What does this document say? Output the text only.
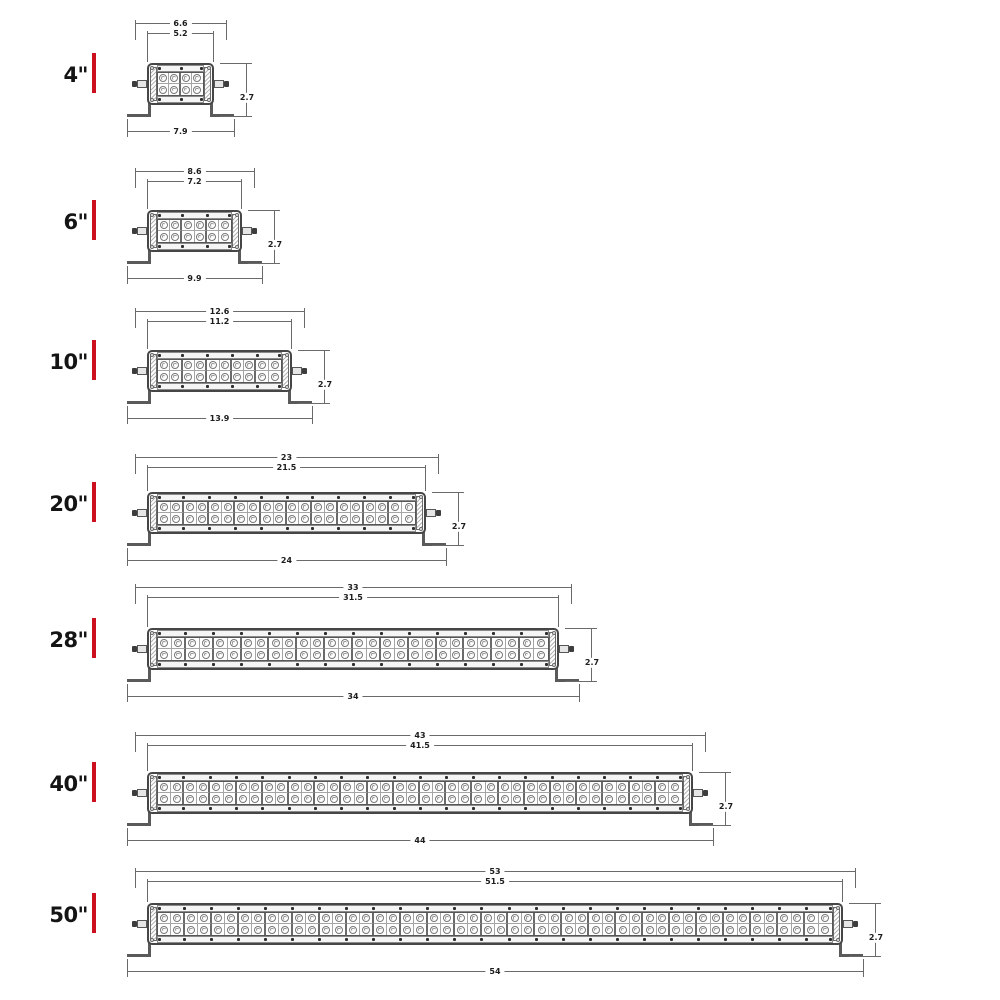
4"
6.6
5.2
2.7
7.9
6"
8.6
7.2
2.7
9.9
10"
12.6
11.2
2.7
13.9
20"
23
21.5
2.7
24
28"
33
31.5
2.7
34
40"
43
41.5
2.7
44
50"
53
51.5
2.7
54
